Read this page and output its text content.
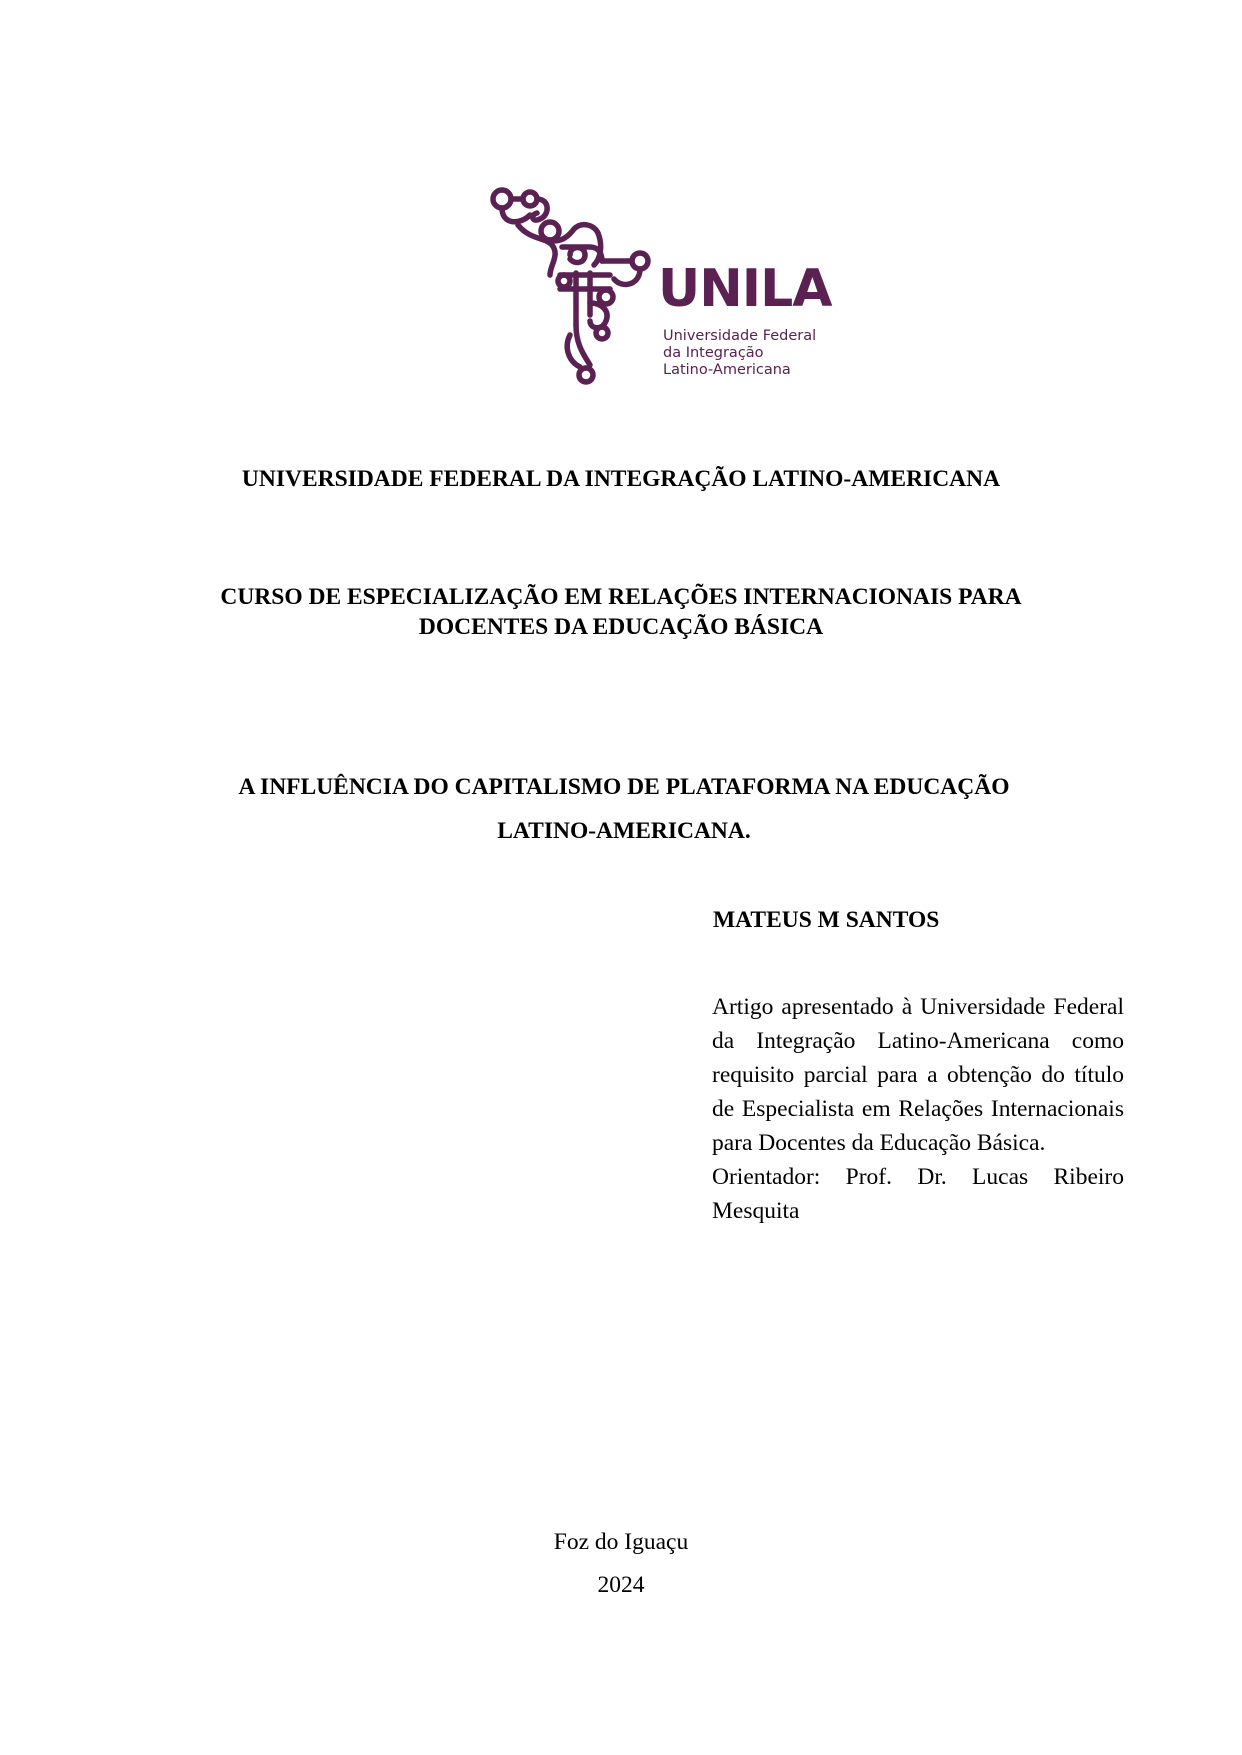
UNILA
Universidade Federal
da Integração
Latino-Americana
UNIVERSIDADE FEDERAL DA INTEGRAÇÃO LATINO-AMERICANA
CURSO DE ESPECIALIZAÇÃO EM RELAÇÕES INTERNACIONAIS PARA
DOCENTES DA EDUCAÇÃO BÁSICA
A INFLUÊNCIA DO CAPITALISMO DE PLATAFORMA NA EDUCAÇÃO
LATINO-AMERICANA.
MATEUS M SANTOS

Artigo apresentado à Universidade Federal da Integração Latino-Americana como requisito parcial para a obtenção do título de Especialista em Relações Internacionais para Docentes da Educação Básica.

Orientador: Prof. Dr. Lucas Ribeiro Mesquita

Foz do Iguaçu
2024
